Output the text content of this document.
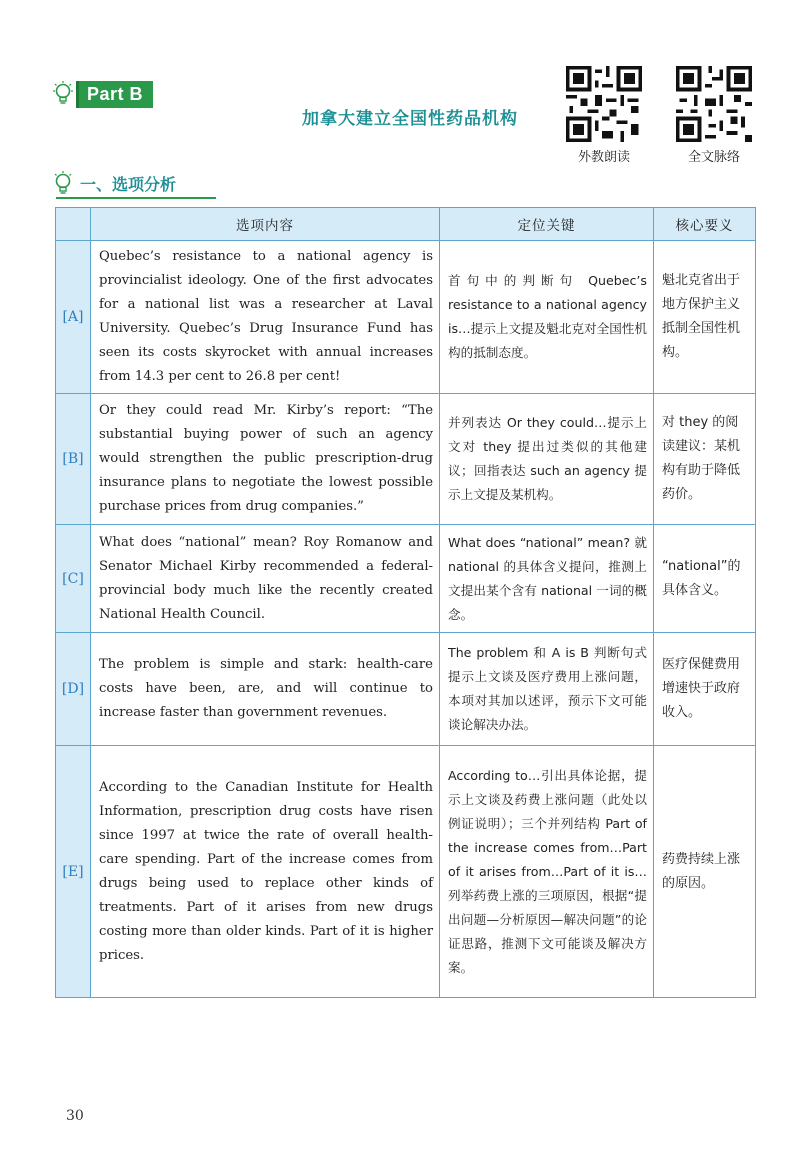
Part B
加拿大建立全国性药品机构
外教朗读	全文脉络
一、选项分析
	选项内容	定位关键	核心要义
[A]	Quebec’s resistance to a national agency is provincialist ideology. One of the first advocates for a national list was a researcher at Laval University. Quebec’s Drug Insurance Fund has seen its costs skyrocket with annual increases from 14.3 per cent to 26.8 per cent!	首句中的判断句 Quebec’s resistance to a national agency is…提示上文提及魁北克对全国性机构的抵制态度。	魁北克省出于地方保护主义抵制全国性机构。
[B]	Or they could read Mr. Kirby’s report: “The substantial buying power of such an agency would strengthen the public prescription-drug insurance plans to negotiate the lowest possible purchase prices from drug companies.”	并列表达 Or they could…提示上文对 they 提出过类似的其他建议；回指表达 such an agency 提示上文提及某机构。	对 they 的阅读建议：某机构有助于降低药价。
[C]	What does “national” mean? Roy Romanow and Senator Michael Kirby recommended a federal-provincial body much like the recently created National Health Council.	What does “national” mean? 就 national 的具体含义提问，推测上文提出某个含有 national 一词的概念。	“national”的具体含义。
[D]	The problem is simple and stark: health-care costs have been, are, and will continue to increase faster than government revenues.	The problem 和 A is B 判断句式提示上文谈及医疗费用上涨问题，本项对其加以述评，预示下文可能谈论解决办法。	医疗保健费用增速快于政府收入。
[E]	According to the Canadian Institute for Health Information, prescription drug costs have risen since 1997 at twice the rate of overall health-care spending. Part of the increase comes from drugs being used to replace other kinds of treatments. Part of it arises from new drugs costing more than older kinds. Part of it is higher prices.	According to…引出具体论据，提示上文谈及药费上涨问题（此处以例证说明）；三个并列结构 Part of the increase comes from…Part of it arises from…Part of it is…列举药费上涨的三项原因，根据“提出问题—分析原因—解决问题”的论证思路，推测下文可能谈及解决方案。	药费持续上涨的原因。
30
